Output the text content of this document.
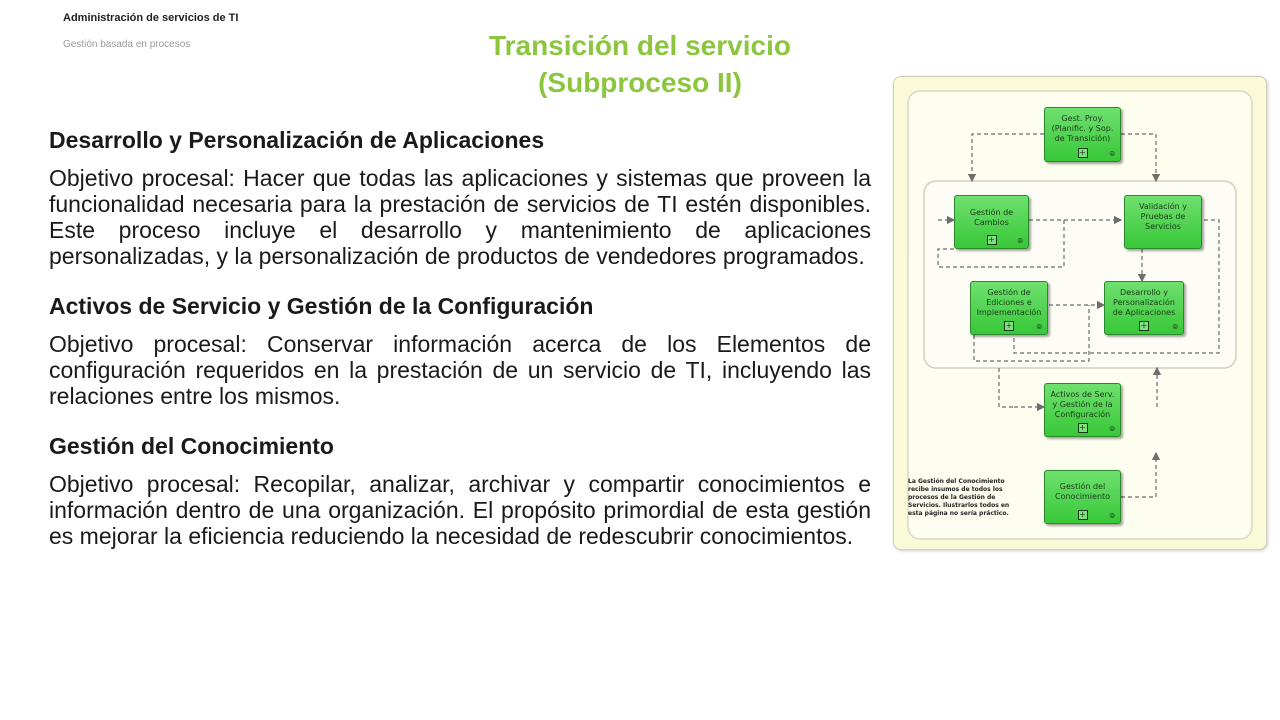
Administración de servicios de TI
Gestión basada en procesos	Transición del servicio
(Subproceso II)
Desarrollo y Personalización de Aplicaciones

Objetivo procesal: Hacer que todas las aplicaciones y sistemas que proveen la funcionalidad necesaria para la prestación de servicios de TI estén disponibles. Este proceso incluye el desarrollo y mantenimiento de aplicaciones personalizadas, y la personalización de productos de vendedores programados.

Activos de Servicio y Gestión de la Configuración

Objetivo procesal: Conservar información acerca de los Elementos de configuración requeridos en la prestación de un servicio de TI, incluyendo las relaciones entre los mismos.

Gestión del Conocimiento

Objetivo procesal: Recopilar, analizar, archivar y compartir conocimientos e información dentro de una organización. El propósito primordial de esta gestión es mejorar la eficiencia reduciendo la necesidad de redescubrir conocimientos.

Gest. Proy.
(Planific. y Sop.
de Transición)
+	⦾
Gestión de
Cambios
+	⦾
Validación y
Pruebas de
Servicios
Gestión de
Ediciones e
Implementación
+	⦾
Desarrollo y
Personalización
de Aplicaciones
+	⦾
Activos de Serv.
y Gestión de la
Configuración
+	⦾
Gestión del
Conocimiento
+	⦾
La Gestión del Conocimiento recibe insumos de todos los procesos de la Gestión de Servicios. Ilustrarlos todos en esta página no sería práctico.
